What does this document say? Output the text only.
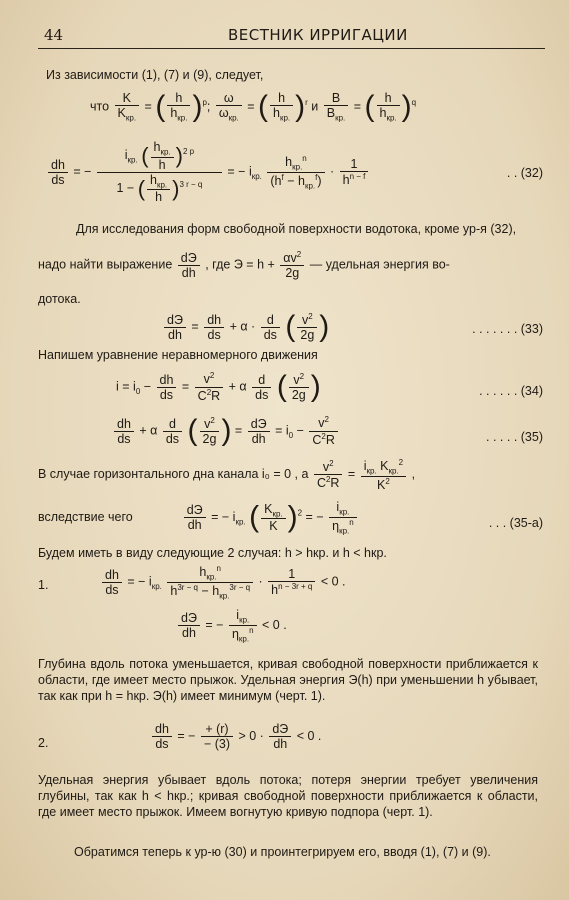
44	ВЕСТНИК ИРРИГАЦИИ
Из зависимости (1), (7) и (9), следует,
что
K
$K_{кр.}$
= ( h
$h_{кр.}$ )$^p$;
ω
$\omega_{кр.}$
= ( h
$h_{кр.}$ )$^r$ и
B
$B_{кр.}$
= ( h
$h_{кр.}$ )$^q$
$\frac{dh}{ds}$ = −
$i_{кр.}$ ( $h_{кр.}$
h )$^{2 p}$
1 − ( $h_{кр.}$
h )$^{3 r - q}$
= − $i_{кр.}$
$h_{кр.}^n$
$(h^f - h_{кр.}^f)$
· $\frac{1}{h^{n - f}}$	. . (32)
Для исследования форм свободной поверхности водотока, кроме ур-я (32),
надо найти выражение dЭ
dh
, где $Э = h + \frac{\alpha v^2}{2g}$ — удельная энергия во-
дотока.
dЭ
dh
= $\frac{dh}{ds} + \alpha \cdot \frac{d}{ds}$ ( $\frac{v^2}{2g}$ )	. . . . . . . (33)
Напишем уравнение неравномерного движения
$i = i_0 - \frac{dh}{ds} = \frac{v^2}{C^2R} + \alpha \frac{d}{ds}$ ( $\frac{v^2}{2g}$ )	. . . . . . (34)
$\frac{dh}{ds} + \alpha \frac{d}{ds}$ ( $\frac{v^2}{2g}$ ) = dЭ
dh
= $i_0 - \frac{v^2}{C^2R}$	. . . . . (35)
В случае горизонтального дна канала i₀ = 0 , а $\frac{v^2}{C^2R}$ =
$i_{кр.}$ $K_{кр.}^2$
$K^2$	,
вследствие чего	dЭ
dh
= − $i_{кр.}$ ( $K_{кр.}$
K )$^2$ = −
$i_{кр.}$
$\eta_{кр.}^n$	. . . (35-а)
Будем иметь в виду следующие 2 случая: h > hкр. и h < hкр.
1.	$\frac{dh}{ds}$ = − $i_{кр.}$
$h_{кр.}^n$
$h^{3r - q} - h_{кр.}^{3r - q} \cdot \frac{1}{h^{n - 3r + q}} < 0$ .
dЭ
dh
= −
$i_{кр.}$
$\eta_{кр.}^n < 0$ .
Глубина вдоль потока уменьшается, кривая свободной поверхности приближается к области, где имеет место прыжок. Удельная энергия Э(h) при уменьшении h убывает, так как при h = hкр. Э(h) имеет минимум (черт. 1).
2.	$\frac{dh}{ds}$ = − $\frac{+ (r)}{- (3)} > 0$ · dЭ
dh
< 0 .
Удельная энергия убывает вдоль потока; потеря энергии требует увеличения глубины, так как h < hкр.; кривая свободной поверхности приближается к области, где имеет место прыжок. Имеем вогнутую кривую подпора (черт. 1).
Обратимся теперь к ур-ю (30) и проинтегрируем его, вводя (1), (7) и (9).
